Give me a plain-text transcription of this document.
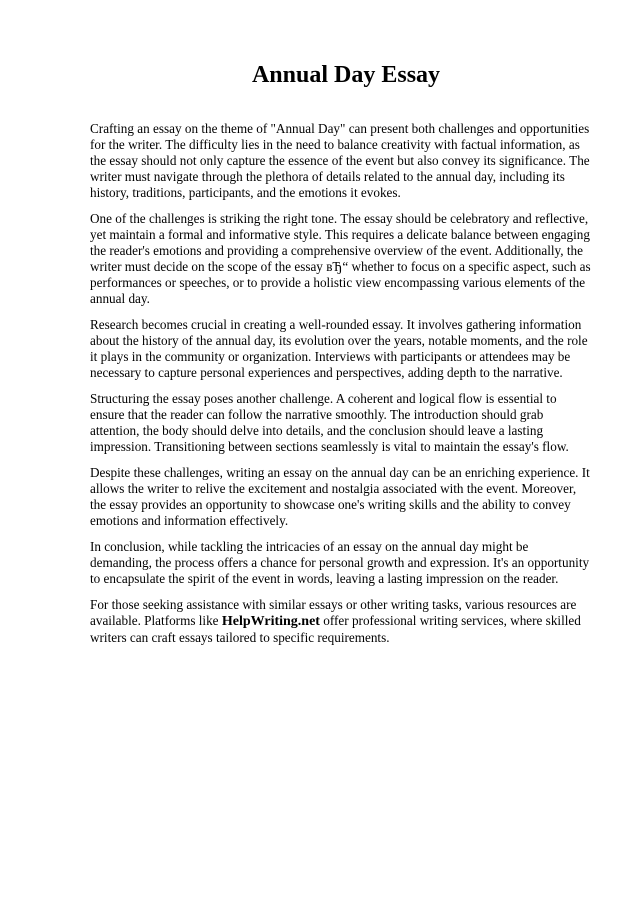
Annual Day Essay

Crafting an essay on the theme of "Annual Day" can present both challenges and opportunities for the writer. The difficulty lies in the need to balance creativity with factual information, as the essay should not only capture the essence of the event but also convey its significance. The writer must navigate through the plethora of details related to the annual day, including its history, traditions, participants, and the emotions it evokes.

One of the challenges is striking the right tone. The essay should be celebratory and reflective, yet maintain a formal and informative style. This requires a delicate balance between engaging the reader's emotions and providing a comprehensive overview of the event. Additionally, the writer must decide on the scope of the essay вЂ“ whether to focus on a specific aspect, such as performances or speeches, or to provide a holistic view encompassing various elements of the annual day.

Research becomes crucial in creating a well-rounded essay. It involves gathering information about the history of the annual day, its evolution over the years, notable moments, and the role it plays in the community or organization. Interviews with participants or attendees may be necessary to capture personal experiences and perspectives, adding depth to the narrative.

Structuring the essay poses another challenge. A coherent and logical flow is essential to ensure that the reader can follow the narrative smoothly. The introduction should grab attention, the body should delve into details, and the conclusion should leave a lasting impression. Transitioning between sections seamlessly is vital to maintain the essay's flow.

Despite these challenges, writing an essay on the annual day can be an enriching experience. It allows the writer to relive the excitement and nostalgia associated with the event. Moreover, the essay provides an opportunity to showcase one's writing skills and the ability to convey emotions and information effectively.

In conclusion, while tackling the intricacies of an essay on the annual day might be demanding, the process offers a chance for personal growth and expression. It's an opportunity to encapsulate the spirit of the event in words, leaving a lasting impression on the reader.

For those seeking assistance with similar essays or other writing tasks, various resources are available. Platforms like HelpWriting.net offer professional writing services, where skilled writers can craft essays tailored to specific requirements.
